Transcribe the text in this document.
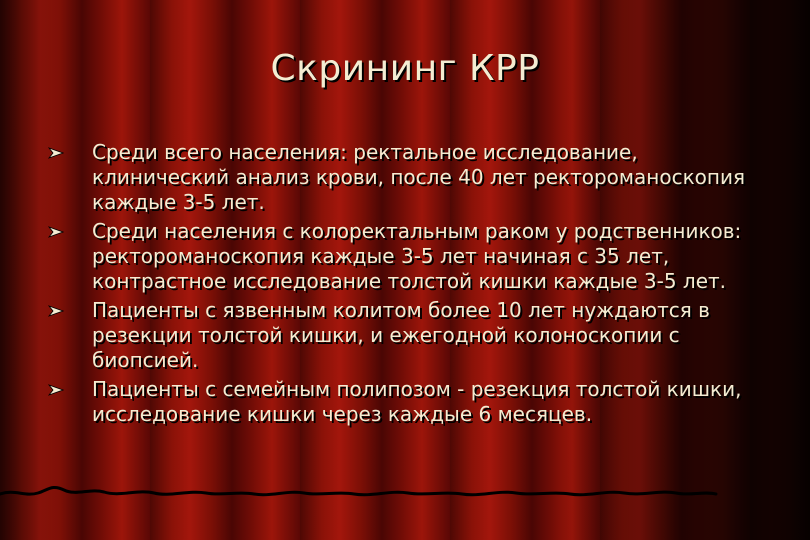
Скрининг КРР
Среди всего населения: ректальное исследование, клинический анализ крови, после 40 лет ректороманоскопия каждые 3-5 лет.
Среди населения с колоректальным раком у родственников: ректороманоскопия каждые 3-5 лет начиная с 35 лет, контрастное исследование толстой кишки каждые 3-5 лет.
Пациенты с язвенным колитом более 10 лет нуждаются в резекции толстой кишки, и ежегодной колоноскопии с биопсией.
Пациенты с семейным полипозом - резекция толстой кишки, исследование кишки через каждые 6 месяцев.
